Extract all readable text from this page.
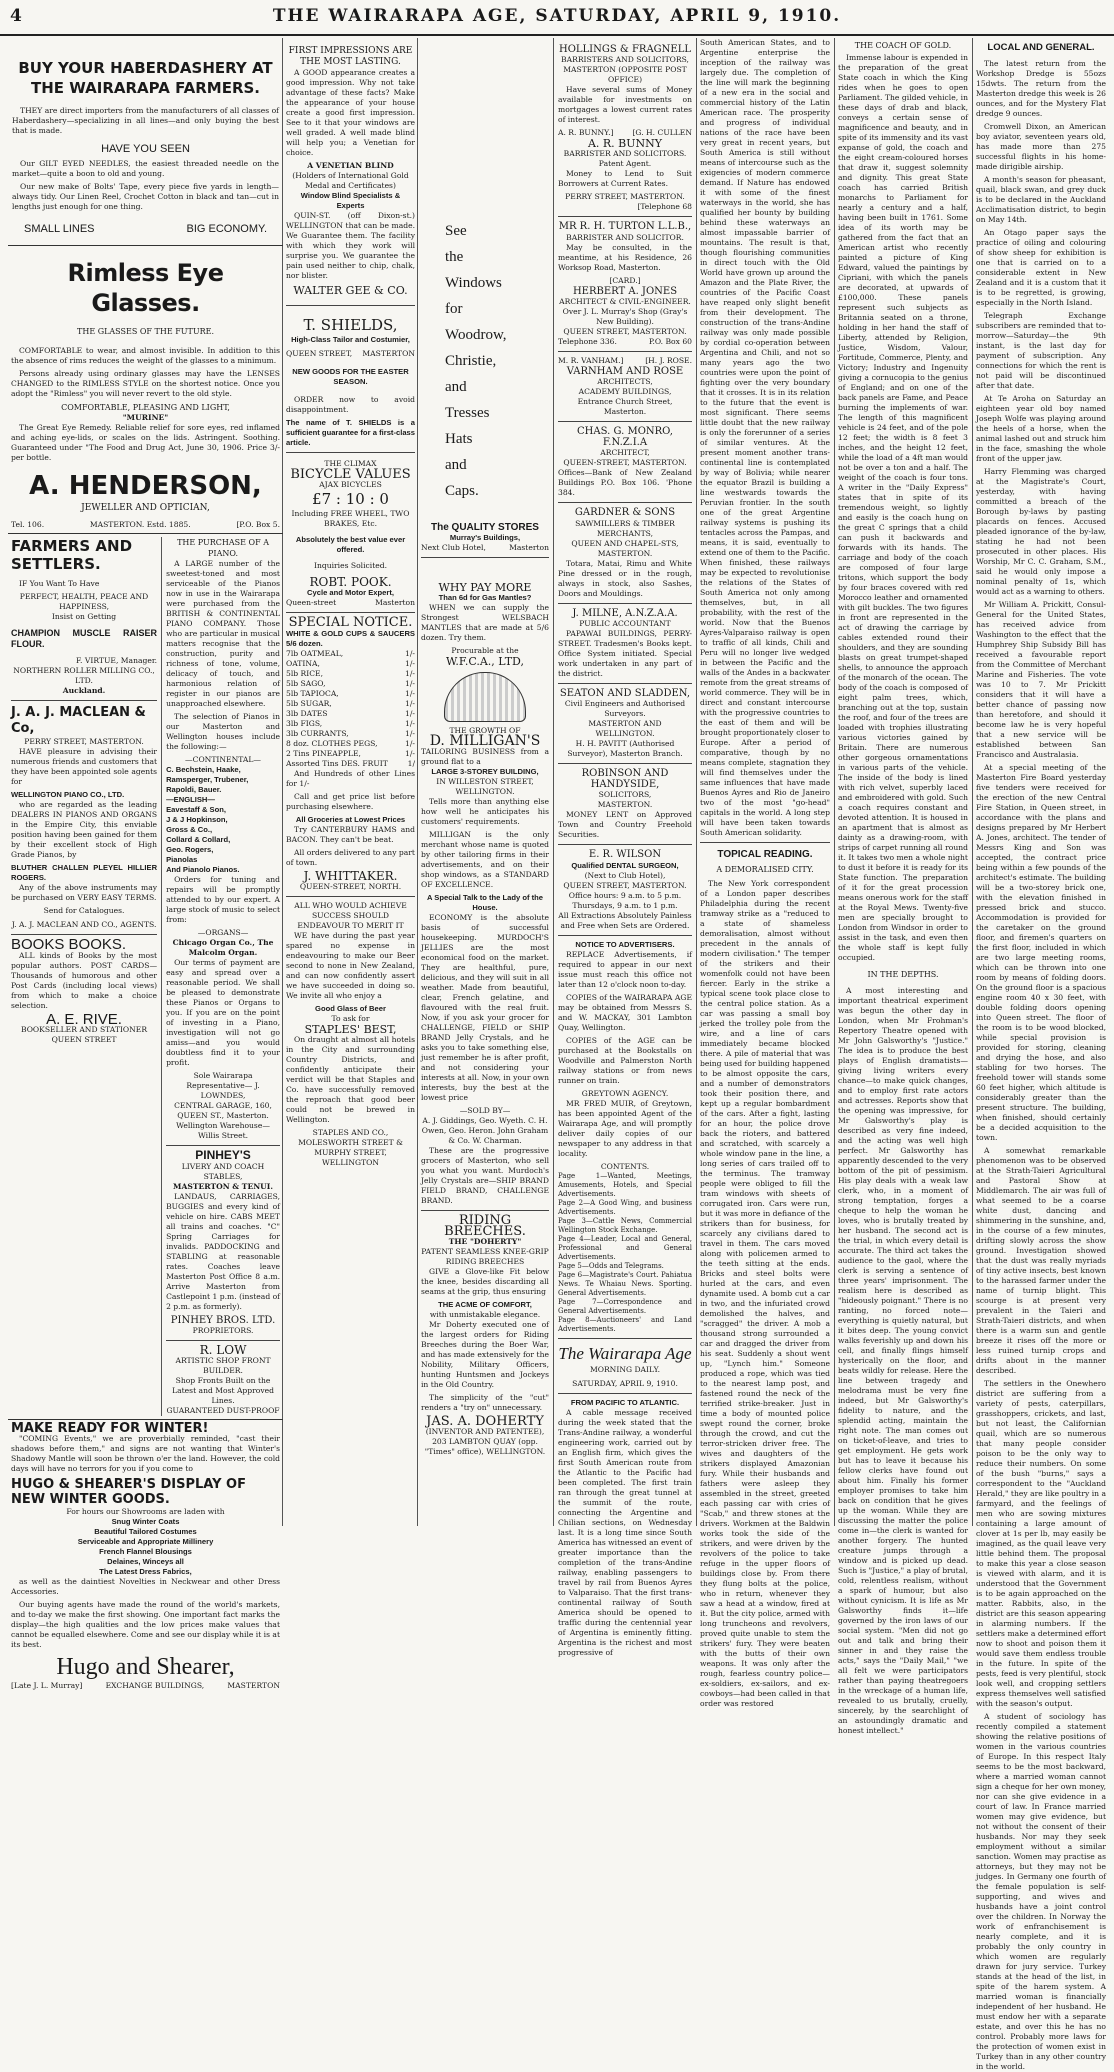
4	THE WAIRARAPA AGE, SATURDAY, APRIL 9, 1910.
BUY YOUR HABERDASHERY AT THE WAIRARAPA FARMERS.

THEY are direct importers from the manufacturers of all classes of Haberdashery—specializing in all lines—and only buying the best that is made.

HAVE YOU SEEN

Our GILT EYED NEEDLES, the easiest threaded needle on the market—quite a boon to old and young.

Our new make of Bolts' Tape, every piece five yards in length—always tidy. Our Linen Reel, Crochet Cotton in black and tan—cut in lengths just enough for one thing.

SMALL LINES	BIG ECONOMY.
Rimless Eye Glasses.
THE GLASSES OF THE FUTURE.

COMFORTABLE to wear, and almost invisible. In addition to this the absence of rims reduces the weight of the glasses to a minimum.

Persons already using ordinary glasses may have the LENSES CHANGED to the RIMLESS STYLE on the shortest notice. Once you adopt the "Rimless" you will never revert to the old style.

COMFORTABLE, PLEASING AND LIGHT,
"MURINE"

The Great Eye Remedy. Reliable relief for sore eyes, red inflamed and aching eye-lids, or scales on the lids. Astringent. Soothing. Guaranteed under "The Food and Drug Act, June 30, 1906. Price 3/- per bottle.

A. HENDERSON,
JEWELLER AND OPTICIAN,
Tel. 106.	MASTERTON. Estd. 1885.	[P.O. Box 5.
FARMERS AND SETTLERS.

IF You Want To Have

PERFECT, HEALTH, PEACE AND HAPPINESS,
Insist on Getting
CHAMPION MUSCLE RAISER FLOUR.
F. VIRTUE, Manager.
NORTHERN ROLLER MILLING CO., LTD.
Auckland.
J. A. J. MACLEAN & Co,
PERRY STREET, MASTERTON.

HAVE pleasure in advising their numerous friends and customers that they have been appointed sole agents for

WELLINGTON PIANO CO., LTD.

who are regarded as the leading DEALERS IN PIANOS AND ORGANS in the Empire City, this enviable position having been gained for them by their excellent stock of High Grade Pianos, by

BLUTHER CHALLEN PLEYEL HILLIER ROGERS.

Any of the above instruments may be purchased on VERY EASY TERMS.

Send for Catalogues.
J. A. J. MACLEAN AND CO., AGENTS.
BOOKS BOOKS.

ALL kinds of Books by the most popular authors. POST CARDS—Thousands of humorous and other Post Cards (including local views) from which to make a choice selection.

A. E. RIVE.
BOOKSELLER AND STATIONER QUEEN STREET
THE PURCHASE OF A PIANO.

A LARGE number of the sweetest-toned and most serviceable of the Pianos now in use in the Wairarapa were purchased from the BRITISH & CONTINENTAL PIANO COMPANY. Those who are particular in musical matters recognise that the construction, purity and richness of tone, volume, delicacy of touch, and harmonious relation of register in our pianos are unapproached elsewhere.

The selection of Pianos in our Masterton and Wellington houses include the following:—

—CONTINENTAL—
C. Bechstein, Haake,
Ramsperger, Trubener,
Rapoldi, Bauer.
—ENGLISH—
Eavestaff & Son,
J & J Hopkinson,
Gross & Co.,
Collard & Collard,
Geo. Rogers,
Pianolas
And Pianolo Pianos.

Orders for tuning and repairs will be promptly attended to by our expert. A large stock of music to select from:

—ORGANS—
Chicago Organ Co., The Malcolm Organ.

Our terms of payment are easy and spread over a reasonable period. We shall be pleased to demonstrate these Pianos or Organs to you. If you are on the point of investing in a Piano, investigation will not go amiss—and you would doubtless find it to your profit.

Sole Wairarapa Representative— J. LOWNDES,
CENTRAL GARAGE, 160, QUEEN ST., Masterton.
Wellington Warehouse—Willis Street.
PINHEY'S
LIVERY AND COACH STABLES,
MASTERTON & TENUI.

LANDAUS, CARRIAGES, BUGGIES and every kind of vehicle on hire. CABS MEET all trains and coaches. "C" Spring Carriages for invalids. PADDOCKING and STABLING at reasonable rates. Coaches leave Masterton Post Office 8 a.m. Arrive Masterton from Castlepoint 1 p.m. (instead of 2 p.m. as formerly).

PINHEY BROS. LTD.
PROPRIETORS.
R. LOW
ARTISTIC SHOP FRONT BUILDER.
Shop Fronts Built on the Latest and Most Approved Lines.
GUARANTEED DUST-PROOF
MAKE READY FOR WINTER!

"COMING Events," we are proverbially reminded, "cast their shadows before them," and signs are not wanting that Winter's Shadowy Mantle will soon be thrown o'er the land. However, the cold days will have no terrors for you if you come to

HUGO & SHEARER'S DISPLAY OF NEW WINTER GOODS.
For hours our Showrooms are laden with
Snug Winter Coats
Beautiful Tailored Costumes
Serviceable and Appropriate Millinery
French Flannel Blousings
Delaines, Winceys all
The Latest Dress Fabrics,

as well as the daintiest Novelties in Neckwear and other Dress Accessories.

Our buying agents have made the round of the world's markets, and to-day we make the first showing. One important fact marks the display—the high qualities and the low prices make values that cannot be equalled elsewhere. Come and see our display while it is at its best.

Hugo and Shearer,
[Late J. L. Murray]	EXCHANGE BUILDINGS,	MASTERTON
FIRST IMPRESSIONS ARE THE MOST LASTING.

A GOOD appearance creates a good impression. Why not take advantage of these facts? Make the appearance of your house create a good first impression. See to it that your windows are well graded. A well made blind will help you; a Venetian for choice.

A VENETIAN BLIND
(Holders of International Gold Medal and Certificates)
Window Blind Specialists & Experts

QUIN-ST. (off Dixon-st.) WELLINGTON that can be made. We Guarantee them. The facility with which they work will surprise you. We guarantee the pain used neither to chip, chalk, nor blister.

WALTER GEE & CO.
T. SHIELDS,
High-Class Tailor and Costumier,
QUEEN STREET, MASTERTON
NEW GOODS FOR THE EASTER SEASON.

ORDER now to avoid disappointment.

The name of T. SHIELDS is a sufficient guarantee for a first-class article.
THE CLIMAX
BICYCLE VALUES
AJAX BICYCLES
£7 : 10 : 0
Including FREE WHEEL, TWO BRAKES, Etc.
Absolutely the best value ever offered.
Inquiries Solicited.
ROBT. POOK.
Cycle and Motor Expert,
Queen-street	Masterton
SPECIAL NOTICE.
WHITE & GOLD CUPS & SAUCERS 5/6 dozen.
7lb OATMEAL,	1/-
OATINA,	1/-
5lb RICE,	1/-
5lb SAGO,	1/-
5lb TAPIOCA,	1/-
5lb SUGAR,	1/-
3lb DATES	1/-
3lb FIGS,	1/-
3lb CURRANTS,	1/-
8 doz. CLOTHES PEGS,	1/-
2 Tins PINEAPPLE,	1/-
Assorted Tins DES. FRUIT	1/

And Hundreds of other Lines for 1/-

Call and get price list before purchasing elsewhere.

All Groceries at Lowest Prices

Try CANTERBURY HAMS and BACON. They can't be beat.

All orders delivered to any part of town.

J. WHITTAKER.
QUEEN-STREET, NORTH.
ALL WHO WOULD ACHIEVE SUCCESS SHOULD ENDEAVOUR TO MERIT IT

WE have during the past year spared no expense in endeavouring to make our Beer second to none in New Zealand, and can now confidently assert we have succeeded in doing so. We invite all who enjoy a

Good Glass of Beer
To ask for
STAPLES' BEST,

On draught at almost all hotels in the City and surrounding Country Districts, and confidently anticipate their verdict will be that Staples and Co. have successfully removed the reproach that good beer could not be brewed in Wellington.

STAPLES AND CO.,
MOLESWORTH STREET & MURPHY STREET,
WELLINGTON
See
the
Windows
for
Woodrow,
Christie,
and
Tresses
Hats
and
Caps.
The QUALITY STORES
Murray's Buildings,
Next Club Hotel,	Masterton
WHY PAY MORE
Than 6d for Gas Mantles?

WHEN we can supply the Strongest WELSBACH MANTLES that are made at 5/6 dozen. Try them.

Procurable at the
W.F.C.A., LTD,
THE GROWTH OF
D. MILLIGAN'S
TAILORING BUSINESS from a ground flat to a
LARGE 3-STOREY BUILDING,
IN WILLESTON STREET, WELLINGTON.

Tells more than anything else how well he anticipates his customers' requirements.

MILLIGAN is the only merchant whose name is quoted by other tailoring firms in their advertisements, and on their shop windows, as a STANDARD OF EXCELLENCE.

A Special Talk to the Lady of the House.

ECONOMY is the absolute basis of successful housekeeping. MURDOCH'S JELLIES are the most economical food on the market. They are healthful, pure, delicious, and they will suit in all weather. Made from beautiful, clear, French gelatine, and flavoured with the real fruit. Now, if you ask your grocer for CHALLENGE, FIELD or SHIP BRAND Jelly Crystals, and he asks you to take something else, just remember he is after profit, and not considering your interests at all. Now, in your own interests, buy the best at the lowest price

—SOLD BY—
A. J. Giddings, Geo. Wyeth. C. H. Owen, Geo. Heron. John Graham & Co. W. Charman.

These are the progressive grocers of Masterton, who sell you what you want. Murdoch's Jelly Crystals are—SHIP BRAND FIELD BRAND, CHALLENGE BRAND.

RIDING BREECHES.
THE "DOHERTY"
PATENT SEAMLESS KNEE-GRIP RIDING BREECHES

GIVE a Glove-like Fit below the knee, besides discarding all seams at the grip, thus ensuring

THE ACME OF COMFORT,
with unmistakable elegance.

Mr Doherty executed one of the largest orders for Riding Breeches during the Boer War, and has made extensively for the Nobility, Military Officers, hunting Huntsmen and Jockeys in the Old Country.

The simplicity of the "cut" renders a "try on" unnecessary.

JAS. A. DOHERTY
(INVENTOR AND PATENTEE),
203 LAMBTON QUAY (opp. "Times" office), WELLINGTON.
HOLLINGS & FRAGNELL
BARRISTERS AND SOLICITORS,
MASTERTON (OPPOSITE POST OFFICE)

Have several sums of Money available for investments on mortgages a lowest current rates of interest.

A. R. BUNNY.] [G. H. CULLEN
A. R. BUNNY
BARRISTER AND SOLICITORS.
Patent Agent.

Money to Lend to Suit Borrowers at Current Rates.

PERRY STREET, MASTERTON.
[Telephone 68
MR R. H. TURTON L.L.B.,
BARRISTER AND SOLICITOR.

May be consulted, in the meantime, at his Residence, 26 Worksop Road, Masterton.

[CARD.]
HERBERT A. JONES
ARCHITECT & CIVIL-ENGINEER.
Over J. L. Murray's Shop (Gray's New Building).
QUEEN STREET, MASTERTON.
Telephone 336.	P.O. Box 60
M. R. VANHAM.]	[H. J. ROSE.
VARNHAM AND ROSE
ARCHITECTS,
ACADEMY BUILDINGS,
Entrance Church Street, Masterton.
CHAS. G. MONRO, F.N.Z.I.A
ARCHITECT,
QUEEN-STREET, MASTERTON.
Offices—Bank of New Zealand Buildings P.O. Box 106. 'Phone 384.
GARDNER & SONS
SAWMILLERS & TIMBER MERCHANTS,
QUEEN AND CHAPEL-STS, MASTERTON.

Totara, Matai, Rimu and White Pine dressed or in the rough, always in stock, also Sashes, Doors and Mouldings.

J. MILNE, A.N.Z.A.A.
PUBLIC ACCOUNTANT

PAPAWAI BUILDINGS, PERRY-STREET. Tradesmen's Books kept. Office System initiated. Special work undertaken in any part of the district.

SEATON AND SLADDEN,
Civil Engineers and Authorised Surveyors.
MASTERTON AND WELLINGTON.
H. H. PAVITT (Authorised Surveyor), Masterton Branch.
ROBINSON AND HANDYSIDE,
SOLICITORS,
MASTERTON.

MONEY LENT on Approved Town and Country Freehold Securities.

E. R. WILSON
Qualified DENTAL SURGEON,
(Next to Club Hotel),
QUEEN STREET, MASTERTON.
Office hours: 9 a.m. to 5 p.m. Thursdays, 9 a.m. to 1 p.m.
All Extractions Absolutely Painless and Free when Sets are Ordered.
NOTICE TO ADVERTISERS.

REPLACE Advertisements, if required to appear in our next issue must reach this office not later than 12 o'clock noon to-day.

COPIES of the WAIRARAPA AGE may be obtained from Messrs S. and W. MACKAY, 301 Lambton Quay, Wellington.

COPIES of the AGE can be purchased at the Bookstalls on Woodville and Palmerston North railway stations or from news runner on train.

GREYTOWN AGENCY.

MR FRED MUIR, of Greytown, has been appointed Agent of the Wairarapa Age, and will promptly deliver daily copies of our newspaper to any address in that locality.

CONTENTS.
Page 1—Wanted, Meetings, Amusements, Hotels, and Special Advertisements.
Page 2—A Good Wing, and business Advertisements.
Page 3—Cattle News, Commercial Wellington Stock Exchange.
Page 4—Leader, Local and General, Professional and General Advertisements.
Page 5—Odds and Telegrams.
Page 6—Magistrate's Court. Pahiatua News. Te Whaiau News. Sporting. General Advertisements.
Page 7—Correspondence and General Advertisements.
Page 8—Auctioneers' and Land Advertisements.
The Wairarapa Age
MORNING DAILY.
SATURDAY, APRIL 9, 1910.
FROM PACIFIC TO ATLANTIC.

A cable message received during the week stated that the Trans-Andine railway, a wonderful engineering work, carried out by an English firm, which gives the first South American route from the Atlantic to the Pacific had been completed. The first train ran through the great tunnel at the summit of the route, connecting the Argentine and Chilian sections, on Wednesday last. It is a long time since South America has witnessed an event of greater importance than the completion of the trans-Andine railway, enabling passengers to travel by rail from Buenos Ayres to Valparaiso. That the first trans-continental railway of South America should be opened to traffic during the centennial year of Argentina is eminently fitting. Argentina is the richest and most progressive of

South American States, and to Argentine enterprise the inception of the railway was largely due. The completion of the line will mark the beginning of a new era in the social and commercial history of the Latin American race. The prosperity and progress of individual nations of the race have been very great in recent years, but South America is still without means of intercourse such as the exigencies of modern commerce demand. If Nature has endowed it with some of the finest waterways in the world, she has qualified her bounty by building behind these waterways an almost impassable barrier of mountains. The result is that, though flourishing communities in direct touch with the Old World have grown up around the Amazon and the Plate River, the countries of the Pacific Coast have reaped only slight benefit from their development. The construction of the trans-Andine railway was only made possible by cordial co-operation between Argentina and Chili, and not so many years ago the two countries were upon the point of fighting over the very boundary that it crosses. It is in its relation to the future that the event is most significant. There seems little doubt that the new railway is only the forerunner of a series of similar ventures. At the present moment another trans-continental line is contemplated by way of Bolivia; while nearer the equator Brazil is building a line westwards towards the Peruvian frontier. In the south one of the great Argentine railway systems is pushing its tentacles across the Pampas, and means, it is said, eventually to extend one of them to the Pacific. When finished, these railways may be expected to revolutionise the relations of the States of South America not only among themselves, but, in all probability, with the rest of the world. Now that the Buenos Ayres-Valparaiso railway is open to traffic of all kinds, Chili and Peru will no longer live wedged in between the Pacific and the walls of the Andes in a backwater remote from the great streams of world commerce. They will be in direct and constant intercourse with the progressive countries to the east of them and will be brought proportionately closer to Europe. After a period of comparative, though by no means complete, stagnation they will find themselves under the same influences that have made Buenos Ayres and Rio de Janeiro two of the most "go-head" capitals in the world. A long step will have been taken towards South American solidarity.

TOPICAL READING.
A DEMORALISED CITY.

The New York correspondent of a London paper describes Philadelphia during the recent tramway strike as a "reduced to a state of shameless demoralisation, almost without precedent in the annals of modern civilisation." The temper of the strikers and their womenfolk could not have been fiercer. Early in the strike a typical scene took place close to the central police station. As a car was passing a small boy jerked the trolley pole from the wire, and a line of cars immediately became blocked there. A pile of material that was being used for building happened to be almost opposite the cars, and a number of demonstrators took their position there, and kept up a regular bombardment of the cars. After a fight, lasting for an hour, the police drove back the rioters, and battered and scratched, with scarcely a whole window pane in the line, a long series of cars trailed off to the terminus. The tramway people were obliged to fill the tram windows with sheets of corrugated iron. Cars were run, but it was more in defiance of the strikers than for business, for scarcely any civilians dared to travel in them. The cars moved along with policemen armed to the teeth sitting at the ends. Bricks and steel bolts were hurled at the cars, and even dynamite used. A bomb cut a car in two, and the infuriated crowd demolished the halves, and "scragged" the driver. A mob a thousand strong surrounded a car and dragged the driver from his seat. Suddenly a shout went up, "Lynch him." Someone produced a rope, which was tied to the nearest lamp post, and fastened round the neck of the terrified strike-breaker. Just in time a body of mounted police swept round the corner, broke through the crowd, and cut the terror-stricken driver free. The wives and daughters of the strikers displayed Amazonian fury. While their husbands and fathers were asleep they assembled in the street, greeted each passing car with cries of "Scab," and threw stones at the drivers. Workmen at the Baldwin works took the side of the strikers, and were driven by the revolvers of the police to take refuge in the upper floors of buildings close by. From there they flung bolts at the police, who in return, whenever they saw a head at a window, fired at it. But the city police, armed with long truncheons and revolvers, proved quite unable to stem the strikers' fury. They were beaten with the butts of their own weapons. It was only after the rough, fearless country police—ex-soldiers, ex-sailors, and ex-cowboys—had been called in that order was restored

THE COACH OF GOLD.

Immense labour is expended in the preparation of the great State coach in which the King rides when he goes to open Parliament. The gilded vehicle, in these days of drab and black, conveys a certain sense of magnificence and beauty, and in spite of its immensity and its vast expanse of gold, the coach and the eight cream-coloured horses that draw it, suggest solemnity and dignity. This great State coach has carried British monarchs to Parliament for nearly a century and a half, having been built in 1761. Some idea of its worth may be gathered from the fact that an American artist who recently painted a picture of King Edward, valued the paintings by Cipriani, with which the panels are decorated, at upwards of £100,000. These panels represent such subjects as Britannia seated on a throne, holding in her hand the staff of Liberty, attended by Religion, Justice, Wisdom, Valour, Fortitude, Commerce, Plenty, and Victory; Industry and Ingenuity giving a cornucopia to the genius of England; and on one of the back panels are Fame, and Peace burning the implements of war. The length of this magnificent vehicle is 24 feet, and of the pole 12 feet; the width is 8 feet 3 inches, and the height 12 feet, while the load of a 4ft man would not be over a ton and a half. The weight of the coach is four tons. A writer in the "Daily Express" states that in spite of its tremendous weight, so lightly and easily is the coach hung on the great C springs that a child can push it backwards and forwards with its hands. The carriage and body of the coach are composed of four large tritons, which support the body by four braces covered with red Morocco leather and ornamented with gilt buckles. The two figures in front are represented in the act of drawing the carriage by cables extended round their shoulders, and they are sounding blasts on great trumpet-shaped shells, to announce the approach of the monarch of the ocean. The body of the coach is composed of eight palm trees, which, branching out at the top, sustain the roof, and four of the trees are loaded with trophies illustrating various victories gained by Britain. There are numerous other gorgeous ornamentations in various parts of the vehicle. The inside of the body is lined with rich velvet, superbly laced and embroidered with gold. Such a coach requires constant and devoted attention. It is housed in an apartment that is almost as dainty as a drawing-room, with strips of carpet running all round it. It takes two men a whole night to dust it before it is ready for its State function. The preparation of it for the great procession means onerous work for the staff at the Royal Mews. Twenty-five men are specially brought to London from Windsor in order to assist in the task, and even then the whole staff is kept fully occupied.

IN THE DEPTHS.

A most interesting and important theatrical experiment was begun the other day in London, when Mr Frohman's Repertory Theatre opened with Mr John Galsworthy's "Justice." The idea is to produce the best plays of English dramatists—giving living writers every chance—to make quick changes, and to employ first rate actors and actresses. Reports show that the opening was impressive, for Mr Galsworthy's play is described as very fine indeed, and the acting was well high perfect. Mr Galsworthy has apparently descended to the very bottom of the pit of pessimism. His play deals with a weak law clerk, who, in a moment of strong temptation, forges a cheque to help the woman he loves, who is brutally treated by her husband. The second act is the trial, in which every detail is accurate. The third act takes the audience to the gaol, where the clerk is serving a sentence of three years' imprisonment. The realism here is described as "hideously poignant." There is no ranting, no forced note—everything is quietly natural, but it bites deep. The young convict walks feverishly up and down his cell, and finally flings himself hysterically on the floor, and beats wildly for release. Here the line between tragedy and melodrama must be very fine indeed, but Mr Galsworthy's fidelity to nature, and the splendid acting, maintain the right note. The man comes out on ticket-of-leave, and tries to get employment. He gets work but has to leave it because his fellow clerks have found out about him. Finally his former employer promises to take him back on condition that he gives up the woman. While they are discussing the matter the police come in—the clerk is wanted for another forgery. The hunted creature jumps through a window and is picked up dead. Such is "Justice," a play of brutal, cold, relentless realism, without a spark of humour, but also without cynicism. It is life as Mr Galsworthy finds it—life governed by the iron laws of our social system. "Men did not go out and talk and bring their sinner in and they raise the acts," says the "Daily Mail," "we all felt we were participators rather than paying theatregoers in the wreckage of a human life, revealed to us brutally, cruelly, sincerely, by the searchlight of an astoundingly dramatic and honest intellect."

LOCAL AND GENERAL.

The latest return from the Workshop Dredge is 55ozs 15dwts. The return from the Masterton dredge this week is 26 ounces, and for the Mystery Flat dredge 9 ounces.

Cromwell Dixon, an American boy aviator, seventeen years old, has made more than 275 successful flights in his home-made dirigible airship.

A month's season for pheasant, quail, black swan, and grey duck is to be declared in the Auckland Acclimatisation district, to begin on May 14th.

An Otago paper says the practice of oiling and colouring of show sheep for exhibition is one that is carried on to a considerable extent in New Zealand and it is a custom that it is to be regretted, is growing, especially in the North Island.

Telegraph Exchange subscribers are reminded that to-morrow—Saturday—the 9th instant, is the last day for payment of subscription. Any connections for which the rent is not paid will be discontinued after that date.

At Te Aroha on Saturday an eighteen year old boy named Joseph Wolfe was playing around the heels of a horse, when the animal lashed out and struck him in the face, smashing the whole front of the upper jaw.

Harry Flemming was charged at the Magistrate's Court, yesterday, with having committed a breach of the Borough by-laws by pasting placards on fences. Accused pleaded ignorance of the by-law, stating he had not been prosecuted in other places. His Worship, Mr C. C. Graham, S.M., said he would only impose a nominal penalty of 1s, which would act as a warning to others.

Mr William A. Prickitt, Consul-General for the United States, has received advice from Washington to the effect that the Humphrey Ship Subsidy Bill has received a favourable report from the Committee of Merchant Marine and Fisheries. The vote was 10 to 7. Mr Prickitt considers that it will have a better chance of passing now than heretofore, and should it become law he is very hopeful that a new service will be established between San Francisco and Australasia.

At a special meeting of the Masterton Fire Board yesterday five tenders were received for the erection of the new Central Fire Station, in Queen street, in accordance with the plans and designs prepared by Mr Herbert A. Jones, architect. The tender of Messrs King and Son was accepted, the contract price being within a few pounds of the architect's estimate. The building will be a two-storey brick one, with the elevation finished in pressed brick and stucco. Accommodation is provided for the caretaker on the ground floor, and firemen's quarters on the first floor, included in which are two large meeting rooms, which can be thrown into one room by means of folding doors. On the ground floor is a spacious engine room 40 x 30 feet, with double folding doors opening into Queen street. The floor of the room is to be wood blocked, while special provision is provided for storing, cleaning and drying the hose, and also stabling for two horses. The freehold tower will stands some 60 feet higher, which altitude is considerably greater than the present structure. The building, when finished, should certainly be a decided acquisition to the town.

A somewhat remarkable phenomenon was to be observed at the Strath-Taieri Agricultural and Pastoral Show at Middlemarch. The air was full of what seemed to be a coarse white dust, dancing and shimmering in the sunshine, and, in the course of a few minutes, drifting slowly across the show ground. Investigation showed that the dust was really myriads of tiny active insects, best known to the harassed farmer under the name of turnip blight. This scourge is at present very prevalent in the Taieri and Strath-Taieri districts, and when there is a warm sun and gentle breeze it rises off the more or less ruined turnip crops and drifts about in the manner described.

The settlers in the Onewhero district are suffering from a variety of pests, caterpillars, grasshoppers, crickets, and last, but not least, the Californian quail, which are so numerous that many people consider poison to be the only way to reduce their numbers. On some of the bush "burns," says a correspondent to the "Auckland Herald," they are like poultry in a farmyard, and the feelings of men who are sowing mixtures containing a large amount of clover at 1s per lb, may easily be imagined, as the quail leave very little behind them. The proposal to make this year a close season is viewed with alarm, and it is understood that the Government is to be again approached on the matter. Rabbits, also, in the district are this season appearing in alarming numbers. If the settlers make a determined effort now to shoot and poison them it would save them endless trouble in the future. In spite of the pests, feed is very plentiful, stock look well, and cropping settlers express themselves well satisfied with the season's output.

A student of sociology has recently compiled a statement showing the relative positions of women in the various countries of Europe. In this respect Italy seems to be the most backward, where a married woman cannot sign a cheque for her own money, nor can she give evidence in a court of law. In France married women may give evidence, but not without the consent of their husbands. Nor may they seek employment without a similar sanction. Women may practise as attorneys, but they may not be judges. In Germany one fourth of the female population is self-supporting, and wives and husbands have a joint control over the children. In Norway the work of enfranchisement is nearly complete, and it is probably the only country in which women are regularly drawn for jury service. Turkey stands at the head of the list, in spite of the harem system. A married woman is financially independent of her husband. He must endow her with a separate estate, and over this he has no control. Probably more laws for the protection of women exist in Turkey than in any other country in the world.
